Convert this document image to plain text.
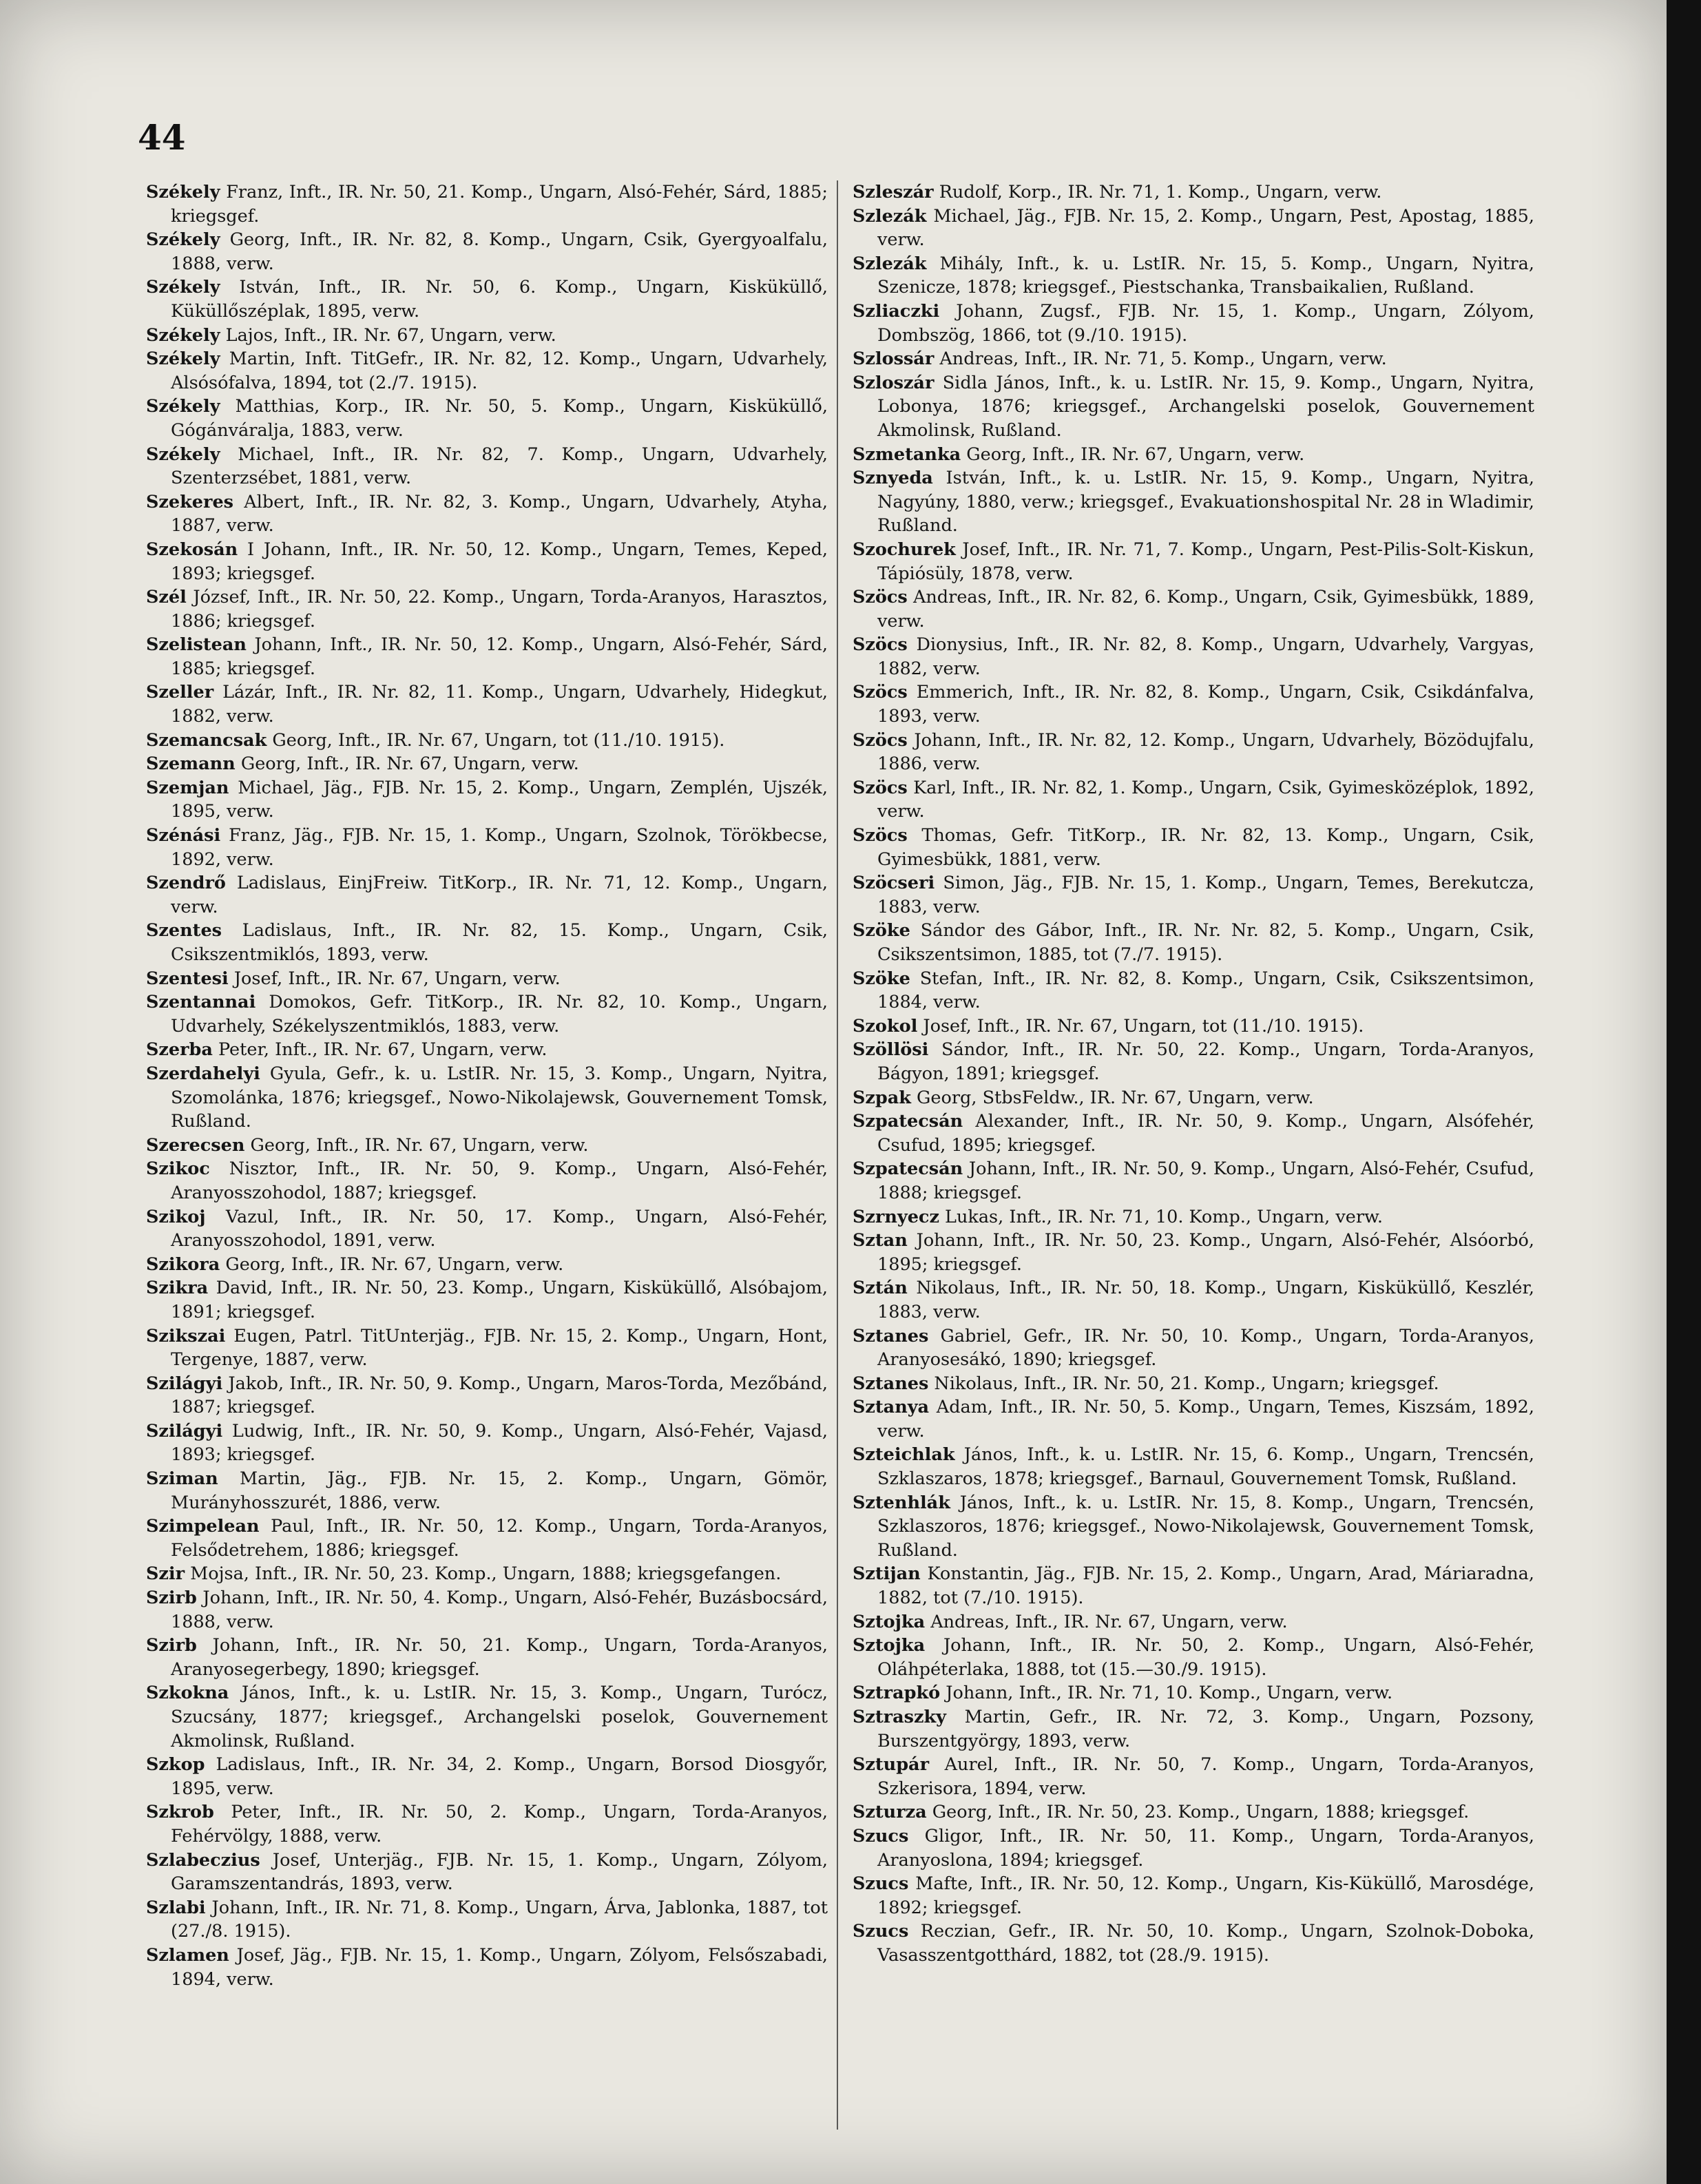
44

Székely Franz, Inft., IR. Nr. 50, 21. Komp., Ungarn, Alsó-Fehér, Sárd, 1885; kriegsgef.

Székely Georg, Inft., IR. Nr. 82, 8. Komp., Ungarn, Csik, Gyergyoalfalu, 1888, verw.

Székely István, Inft., IR. Nr. 50, 6. Komp., Ungarn, Kisküküllő, Küküllőszéplak, 1895, verw.

Székely Lajos, Inft., IR. Nr. 67, Ungarn, verw.

Székely Martin, Inft. TitGefr., IR. Nr. 82, 12. Komp., Ungarn, Udvarhely, Alsósófalva, 1894, tot (2./7. 1915).

Székely Matthias, Korp., IR. Nr. 50, 5. Komp., Ungarn, Kisküküllő, Gógánváralja, 1883, verw.

Székely Michael, Inft., IR. Nr. 82, 7. Komp., Ungarn, Udvarhely, Szenterzsébet, 1881, verw.

Szekeres Albert, Inft., IR. Nr. 82, 3. Komp., Ungarn, Udvarhely, Atyha, 1887, verw.

Szekosán I Johann, Inft., IR. Nr. 50, 12. Komp., Ungarn, Temes, Keped, 1893; kriegsgef.

Szél József, Inft., IR. Nr. 50, 22. Komp., Ungarn, Torda-Aranyos, Harasztos, 1886; kriegsgef.

Szelistean Johann, Inft., IR. Nr. 50, 12. Komp., Ungarn, Alsó-Fehér, Sárd, 1885; kriegsgef.

Szeller Lázár, Inft., IR. Nr. 82, 11. Komp., Ungarn, Udvarhely, Hidegkut, 1882, verw.

Szemancsak Georg, Inft., IR. Nr. 67, Ungarn, tot (11./10. 1915).

Szemann Georg, Inft., IR. Nr. 67, Ungarn, verw.

Szemjan Michael, Jäg., FJB. Nr. 15, 2. Komp., Ungarn, Zemplén, Ujszék, 1895, verw.

Szénási Franz, Jäg., FJB. Nr. 15, 1. Komp., Ungarn, Szolnok, Törökbecse, 1892, verw.

Szendrő Ladislaus, EinjFreiw. TitKorp., IR. Nr. 71, 12. Komp., Ungarn, verw.

Szentes Ladislaus, Inft., IR. Nr. 82, 15. Komp., Ungarn, Csik, Csikszentmiklós, 1893, verw.

Szentesi Josef, Inft., IR. Nr. 67, Ungarn, verw.

Szentannai Domokos, Gefr. TitKorp., IR. Nr. 82, 10. Komp., Ungarn, Udvarhely, Székelyszentmiklós, 1883, verw.

Szerba Peter, Inft., IR. Nr. 67, Ungarn, verw.

Szerdahelyi Gyula, Gefr., k. u. LstIR. Nr. 15, 3. Komp., Ungarn, Nyitra, Szomolánka, 1876; kriegsgef., Nowo-Nikolajewsk, Gouvernement Tomsk, Rußland.

Szerecsen Georg, Inft., IR. Nr. 67, Ungarn, verw.

Szikoc Nisztor, Inft., IR. Nr. 50, 9. Komp., Ungarn, Alsó-Fehér, Aranyosszohodol, 1887; kriegsgef.

Szikoj Vazul, Inft., IR. Nr. 50, 17. Komp., Ungarn, Alsó-Fehér, Aranyosszohodol, 1891, verw.

Szikora Georg, Inft., IR. Nr. 67, Ungarn, verw.

Szikra David, Inft., IR. Nr. 50, 23. Komp., Ungarn, Kisküküllő, Alsóbajom, 1891; kriegsgef.

Szikszai Eugen, Patrl. TitUnterjäg., FJB. Nr. 15, 2. Komp., Ungarn, Hont, Tergenye, 1887, verw.

Szilágyi Jakob, Inft., IR. Nr. 50, 9. Komp., Ungarn, Maros-Torda, Mezőbánd, 1887; kriegsgef.

Szilágyi Ludwig, Inft., IR. Nr. 50, 9. Komp., Ungarn, Alsó-Fehér, Vajasd, 1893; kriegsgef.

Sziman Martin, Jäg., FJB. Nr. 15, 2. Komp., Ungarn, Gömör, Murányhosszurét, 1886, verw.

Szimpelean Paul, Inft., IR. Nr. 50, 12. Komp., Ungarn, Torda-Aranyos, Felsődetrehem, 1886; kriegsgef.

Szir Mojsa, Inft., IR. Nr. 50, 23. Komp., Ungarn, 1888; kriegsgefangen.

Szirb Johann, Inft., IR. Nr. 50, 4. Komp., Ungarn, Alsó-Fehér, Buzásbocsárd, 1888, verw.

Szirb Johann, Inft., IR. Nr. 50, 21. Komp., Ungarn, Torda-Aranyos, Aranyosegerbegy, 1890; kriegsgef.

Szkokna János, Inft., k. u. LstIR. Nr. 15, 3. Komp., Ungarn, Turócz, Szucsány, 1877; kriegsgef., Archangelski poselok, Gouvernement Akmolinsk, Rußland.

Szkop Ladislaus, Inft., IR. Nr. 34, 2. Komp., Ungarn, Borsod Diosgyőr, 1895, verw.

Szkrob Peter, Inft., IR. Nr. 50, 2. Komp., Ungarn, Torda-Aranyos, Fehérvölgy, 1888, verw.

Szlabeczius Josef, Unterjäg., FJB. Nr. 15, 1. Komp., Ungarn, Zólyom, Garamszentandrás, 1893, verw.

Szlabi Johann, Inft., IR. Nr. 71, 8. Komp., Ungarn, Árva, Jablonka, 1887, tot (27./8. 1915).

Szlamen Josef, Jäg., FJB. Nr. 15, 1. Komp., Ungarn, Zólyom, Felsőszabadi, 1894, verw.

Szleszár Rudolf, Korp., IR. Nr. 71, 1. Komp., Ungarn, verw.

Szlezák Michael, Jäg., FJB. Nr. 15, 2. Komp., Ungarn, Pest, Apostag, 1885, verw.

Szlezák Mihály, Inft., k. u. LstIR. Nr. 15, 5. Komp., Ungarn, Nyitra, Szenicze, 1878; kriegsgef., Piestschanka, Transbaikalien, Rußland.

Szliaczki Johann, Zugsf., FJB. Nr. 15, 1. Komp., Ungarn, Zólyom, Dombszög, 1866, tot (9./10. 1915).

Szlossár Andreas, Inft., IR. Nr. 71, 5. Komp., Ungarn, verw.

Szloszár Sidla János, Inft., k. u. LstIR. Nr. 15, 9. Komp., Ungarn, Nyitra, Lobonya, 1876; kriegsgef., Archangelski poselok, Gouvernement Akmolinsk, Rußland.

Szmetanka Georg, Inft., IR. Nr. 67, Ungarn, verw.

Sznyeda István, Inft., k. u. LstIR. Nr. 15, 9. Komp., Ungarn, Nyitra, Nagyúny, 1880, verw.; kriegsgef., Evakuationshospital Nr. 28 in Wladimir, Rußland.

Szochurek Josef, Inft., IR. Nr. 71, 7. Komp., Ungarn, Pest-Pilis-Solt-Kiskun, Tápiósüly, 1878, verw.

Szöcs Andreas, Inft., IR. Nr. 82, 6. Komp., Ungarn, Csik, Gyimesbükk, 1889, verw.

Szöcs Dionysius, Inft., IR. Nr. 82, 8. Komp., Ungarn, Udvarhely, Vargyas, 1882, verw.

Szöcs Emmerich, Inft., IR. Nr. 82, 8. Komp., Ungarn, Csik, Csikdánfalva, 1893, verw.

Szöcs Johann, Inft., IR. Nr. 82, 12. Komp., Ungarn, Udvarhely, Bözödujfalu, 1886, verw.

Szöcs Karl, Inft., IR. Nr. 82, 1. Komp., Ungarn, Csik, Gyimesközéplok, 1892, verw.

Szöcs Thomas, Gefr. TitKorp., IR. Nr. 82, 13. Komp., Ungarn, Csik, Gyimesbükk, 1881, verw.

Szöcseri Simon, Jäg., FJB. Nr. 15, 1. Komp., Ungarn, Temes, Berekutcza, 1883, verw.

Szöke Sándor des Gábor, Inft., IR. Nr. Nr. 82, 5. Komp., Ungarn, Csik, Csikszentsimon, 1885, tot (7./7. 1915).

Szöke Stefan, Inft., IR. Nr. 82, 8. Komp., Ungarn, Csik, Csikszentsimon, 1884, verw.

Szokol Josef, Inft., IR. Nr. 67, Ungarn, tot (11./10. 1915).

Szöllösi Sándor, Inft., IR. Nr. 50, 22. Komp., Ungarn, Torda-Aranyos, Bágyon, 1891; kriegsgef.

Szpak Georg, StbsFeldw., IR. Nr. 67, Ungarn, verw.

Szpatecsán Alexander, Inft., IR. Nr. 50, 9. Komp., Ungarn, Alsófehér, Csufud, 1895; kriegsgef.

Szpatecsán Johann, Inft., IR. Nr. 50, 9. Komp., Ungarn, Alsó-Fehér, Csufud, 1888; kriegsgef.

Szrnyecz Lukas, Inft., IR. Nr. 71, 10. Komp., Ungarn, verw.

Sztan Johann, Inft., IR. Nr. 50, 23. Komp., Ungarn, Alsó-Fehér, Alsóorbó, 1895; kriegsgef.

Sztán Nikolaus, Inft., IR. Nr. 50, 18. Komp., Ungarn, Kisküküllő, Keszlér, 1883, verw.

Sztanes Gabriel, Gefr., IR. Nr. 50, 10. Komp., Ungarn, Torda-Aranyos, Aranyosesákó, 1890; kriegsgef.

Sztanes Nikolaus, Inft., IR. Nr. 50, 21. Komp., Ungarn; kriegsgef.

Sztanya Adam, Inft., IR. Nr. 50, 5. Komp., Ungarn, Temes, Kiszsám, 1892, verw.

Szteichlak János, Inft., k. u. LstIR. Nr. 15, 6. Komp., Ungarn, Trencsén, Szklaszaros, 1878; kriegsgef., Barnaul, Gouvernement Tomsk, Rußland.

Sztenhlák János, Inft., k. u. LstIR. Nr. 15, 8. Komp., Ungarn, Trencsén, Szklaszoros, 1876; kriegsgef., Nowo-Nikolajewsk, Gouvernement Tomsk, Rußland.

Sztijan Konstantin, Jäg., FJB. Nr. 15, 2. Komp., Ungarn, Arad, Máriaradna, 1882, tot (7./10. 1915).

Sztojka Andreas, Inft., IR. Nr. 67, Ungarn, verw.

Sztojka Johann, Inft., IR. Nr. 50, 2. Komp., Ungarn, Alsó-Fehér, Oláhpéterlaka, 1888, tot (15.—30./9. 1915).

Sztrapkó Johann, Inft., IR. Nr. 71, 10. Komp., Ungarn, verw.

Sztraszky Martin, Gefr., IR. Nr. 72, 3. Komp., Ungarn, Pozsony, Burszentgyörgy, 1893, verw.

Sztupár Aurel, Inft., IR. Nr. 50, 7. Komp., Ungarn, Torda-Aranyos, Szkerisora, 1894, verw.

Szturza Georg, Inft., IR. Nr. 50, 23. Komp., Ungarn, 1888; kriegsgef.

Szucs Gligor, Inft., IR. Nr. 50, 11. Komp., Ungarn, Torda-Aranyos, Aranyoslona, 1894; kriegsgef.

Szucs Mafte, Inft., IR. Nr. 50, 12. Komp., Ungarn, Kis-Küküllő, Marosdége, 1892; kriegsgef.

Szucs Reczian, Gefr., IR. Nr. 50, 10. Komp., Ungarn, Szolnok-Doboka, Vasasszentgotthárd, 1882, tot (28./9. 1915).
